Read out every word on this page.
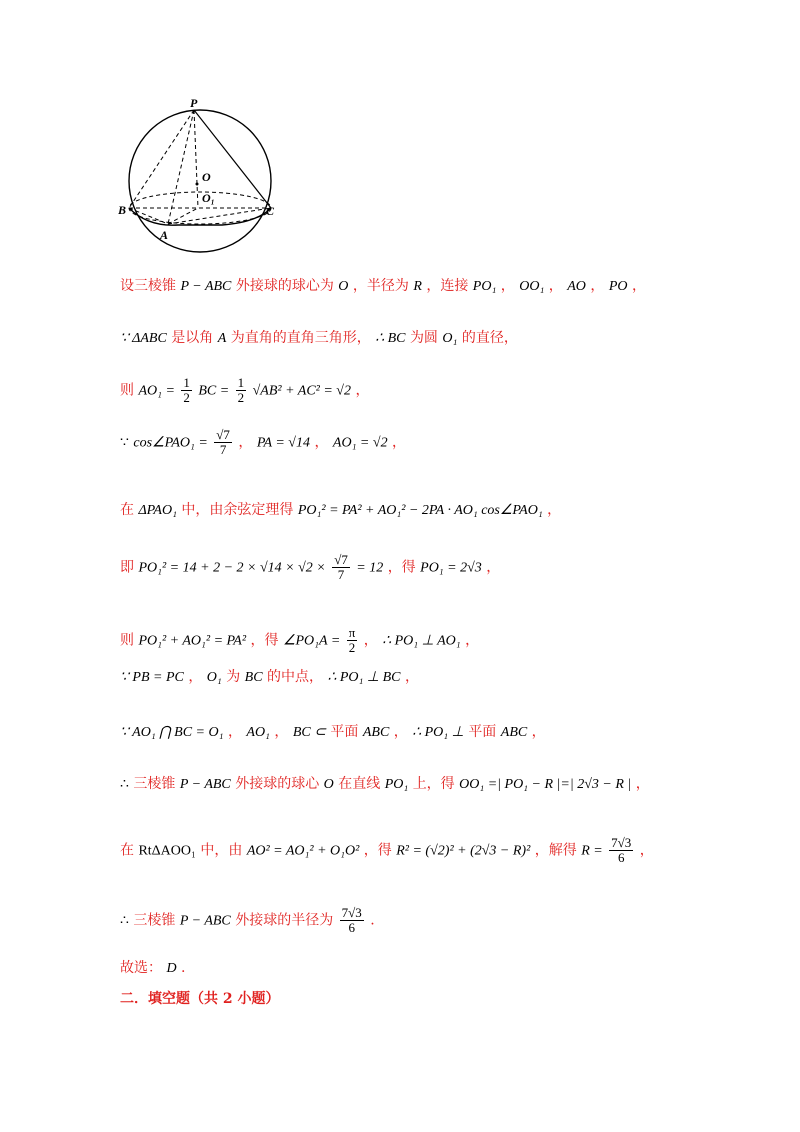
P
O
O₁
B	C
A
设三棱锥 P − ABC 外接球的球心为 O ，半径为 R ，连接 PO₁ ， OO₁ ， AO ， PO ，
∵ ΔABC 是以角 A 为直角的直角三角形， ∴ BC 为圆 O₁ 的直径，
则 $AO_1 = \frac{1}{2}$ BC = $\frac{1}{2} √AB^2 + AC^2 = √2$ ，
∵ cos∠PAO₁ = $\frac{√7}{7}$ ， PA = √14 ， AO₁ = √2 ，
在 ΔPAO₁ 中，由余弦定理得 PO₁² = PA² + AO₁² − 2PA · AO₁ cos∠PAO₁ ，
即 $PO_1^2 = 14 + 2 - 2 \times √14 \times √2 \times \frac{√7}{7} = 12$ ，得 PO₁ = 2√3 ，
则 PO₁² + AO₁² = PA² ，得 ∠PO₁A = $\frac{\pi}{2}$ ， ∴ PO₁ ⊥ AO₁ ，
∵ PB = PC ， O₁ 为 BC 的中点， ∴ PO₁ ⊥ BC ，
∵ AO₁ ⋂ BC = O₁ ， AO₁ ， BC ⊂ 平面 ABC ， ∴ PO₁ ⊥ 平面 ABC ，
∴ 三棱锥 P − ABC 外接球的球心 O 在直线 PO₁ 上，得 OO₁ =| PO₁ − R |=| 2√3 − R | ，
在 RtΔAOO₁ 中，由 AO² = AO₁² + O₁O² ，得 R² = (√2)² + (2√3 − R)² ，解得 $R = \frac{7√3}{6}$ ，
∴ 三棱锥 P − ABC 外接球的半径为 $\frac{7√3}{6}$ .
故选： D .
二．填空题（共 2 小题）
